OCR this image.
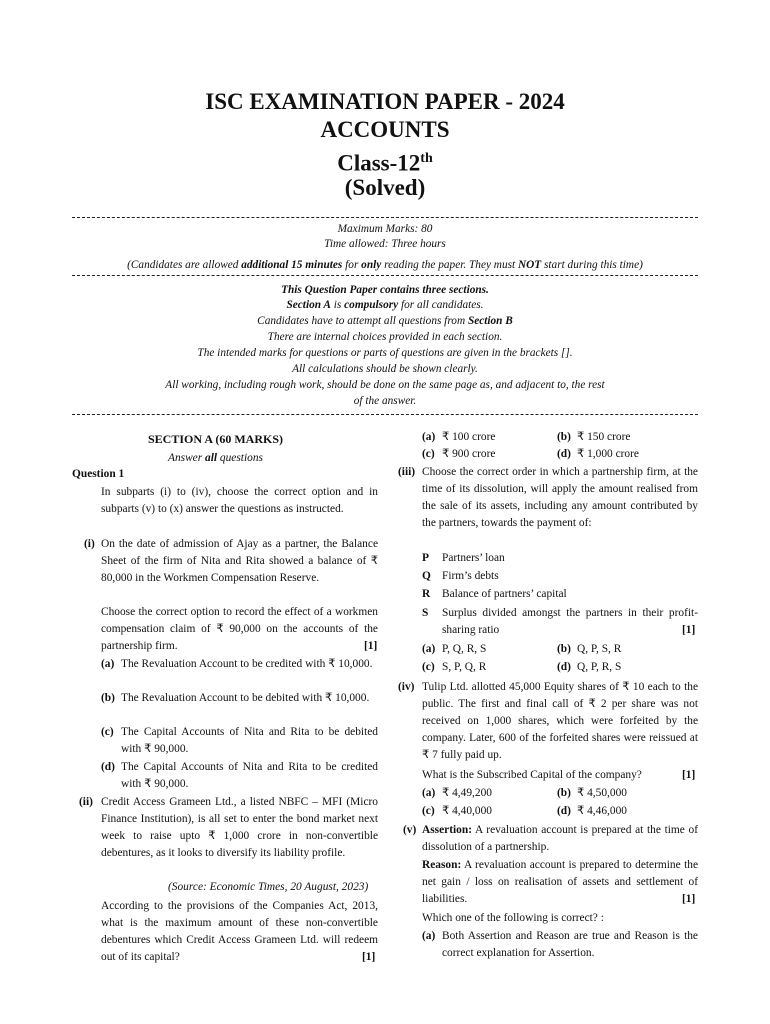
ISC EXAMINATION PAPER - 2024
ACCOUNTS
Class-12th
(Solved)
Maximum Marks: 80
Time allowed: Three hours
(Candidates are allowed additional 15 minutes for only reading the paper. They must NOT start during this time)
This Question Paper contains three sections.
Section A is compulsory for all candidates.
Candidates have to attempt all questions from Section B
There are internal choices provided in each section.
The intended marks for questions or parts of questions are given in the brackets [].
All calculations should be shown clearly.
All working, including rough work, should be done on the same page as, and adjacent to, the rest
of the answer.
SECTION A (60 MARKS)
Answer all questions
Question 1
In subparts (i) to (iv), choose the correct option and in subparts (v) to (x) answer the questions as instructed.
(i) On the date of admission of Ajay as a partner, the Balance Sheet of the firm of Nita and Rita showed a balance of ₹ 80,000 in the Workmen Compensation Reserve.
Choose the correct option to record the effect of a workmen compensation claim of ₹ 90,000 on the accounts of the partnership firm.	[1]
(a) The Revaluation Account to be credited with ₹ 10,000.
(b) The Revaluation Account to be debited with ₹ 10,000.
(c) The Capital Accounts of Nita and Rita to be debited with ₹ 90,000.
(d) The Capital Accounts of Nita and Rita to be credited with ₹ 90,000.
(ii) Credit Access Grameen Ltd., a listed NBFC – MFI (Micro Finance Institution), is all set to enter the bond market next week to raise upto ₹ 1,000 crore in non-convertible debentures, as it looks to diversify its liability profile.
(Source: Economic Times, 20 August, 2023)
According to the provisions of the Companies Act, 2013, what is the maximum amount of these non-convertible debentures which Credit Access Grameen Ltd. will redeem out of its capital?	[1]
(a) ₹ 100 crore	(b) ₹ 150 crore
(c) ₹ 900 crore	(d) ₹ 1,000 crore
(iii) Choose the correct order in which a partnership firm, at the time of its dissolution, will apply the amount realised from the sale of its assets, including any amount contributed by the partners, towards the payment of:
P Partners’ loan
Q Firm’s debts
R Balance of partners’ capital
S Surplus divided amongst the partners in their profit-sharing ratio	[1]
(a) P, Q, R, S	(b) Q, P, S, R
(c) S, P, Q, R	(d) Q, P, R, S
(iv) Tulip Ltd. allotted 45,000 Equity shares of ₹ 10 each to the public. The first and final call of ₹ 2 per share was not received on 1,000 shares, which were forfeited by the company. Later, 600 of the forfeited shares were reissued at ₹ 7 fully paid up.
What is the Subscribed Capital of the company?	[1]
(a) ₹ 4,49,200	(b) ₹ 4,50,000
(c) ₹ 4,40,000	(d) ₹ 4,46,000
(v) Assertion: A revaluation account is prepared at the time of dissolution of a partnership.
Reason: A revaluation account is prepared to determine the net gain / loss on realisation of assets and settlement of liabilities.	[1]
Which one of the following is correct? :
(a) Both Assertion and Reason are true and Reason is the correct explanation for Assertion.
